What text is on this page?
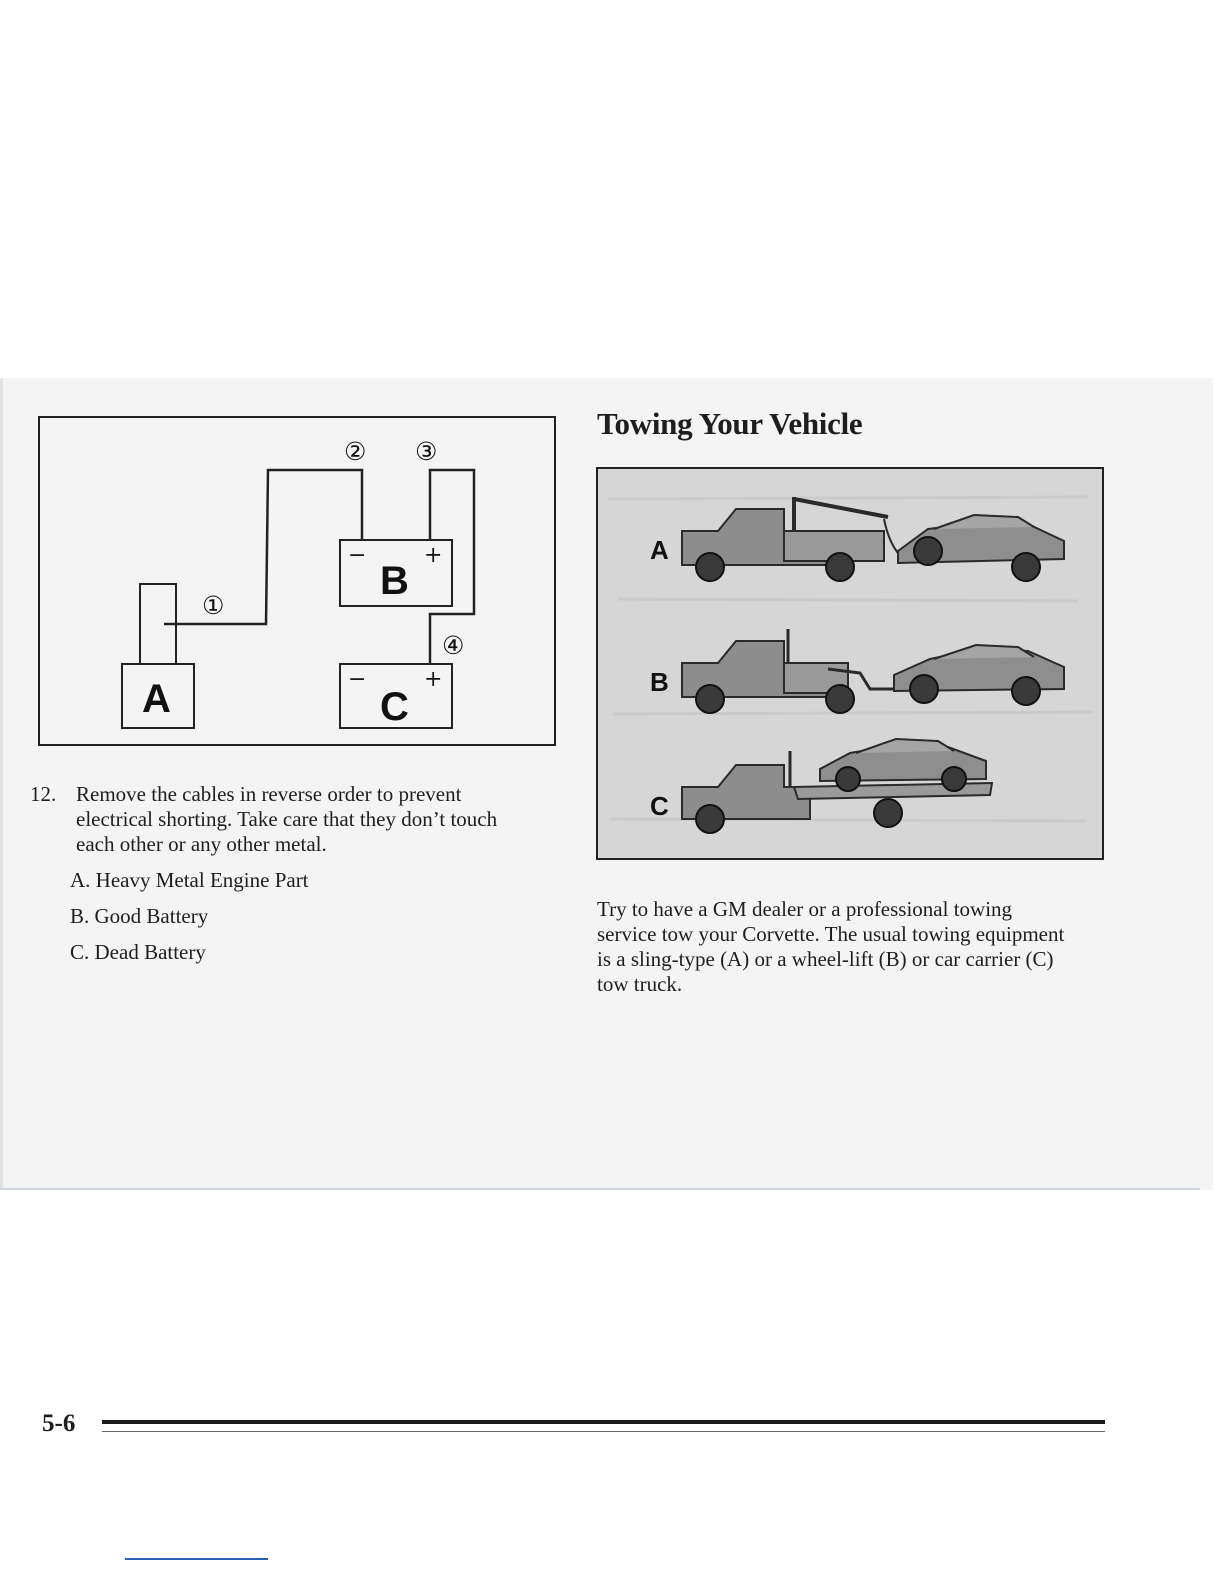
①
② ③
④
A
B
C
−	+
−	+
12. Remove the cables in reverse order to prevent
electrical shorting. Take care that they don’t touch
each other or any other metal.
A. Heavy Metal Engine Part
B. Good Battery
C. Dead Battery
Towing Your Vehicle
A
B
C
Try to have a GM dealer or a professional towing
service tow your Corvette. The usual towing equipment
is a sling-type (A) or a wheel-lift (B) or car carrier (C)
tow truck.
5-6
